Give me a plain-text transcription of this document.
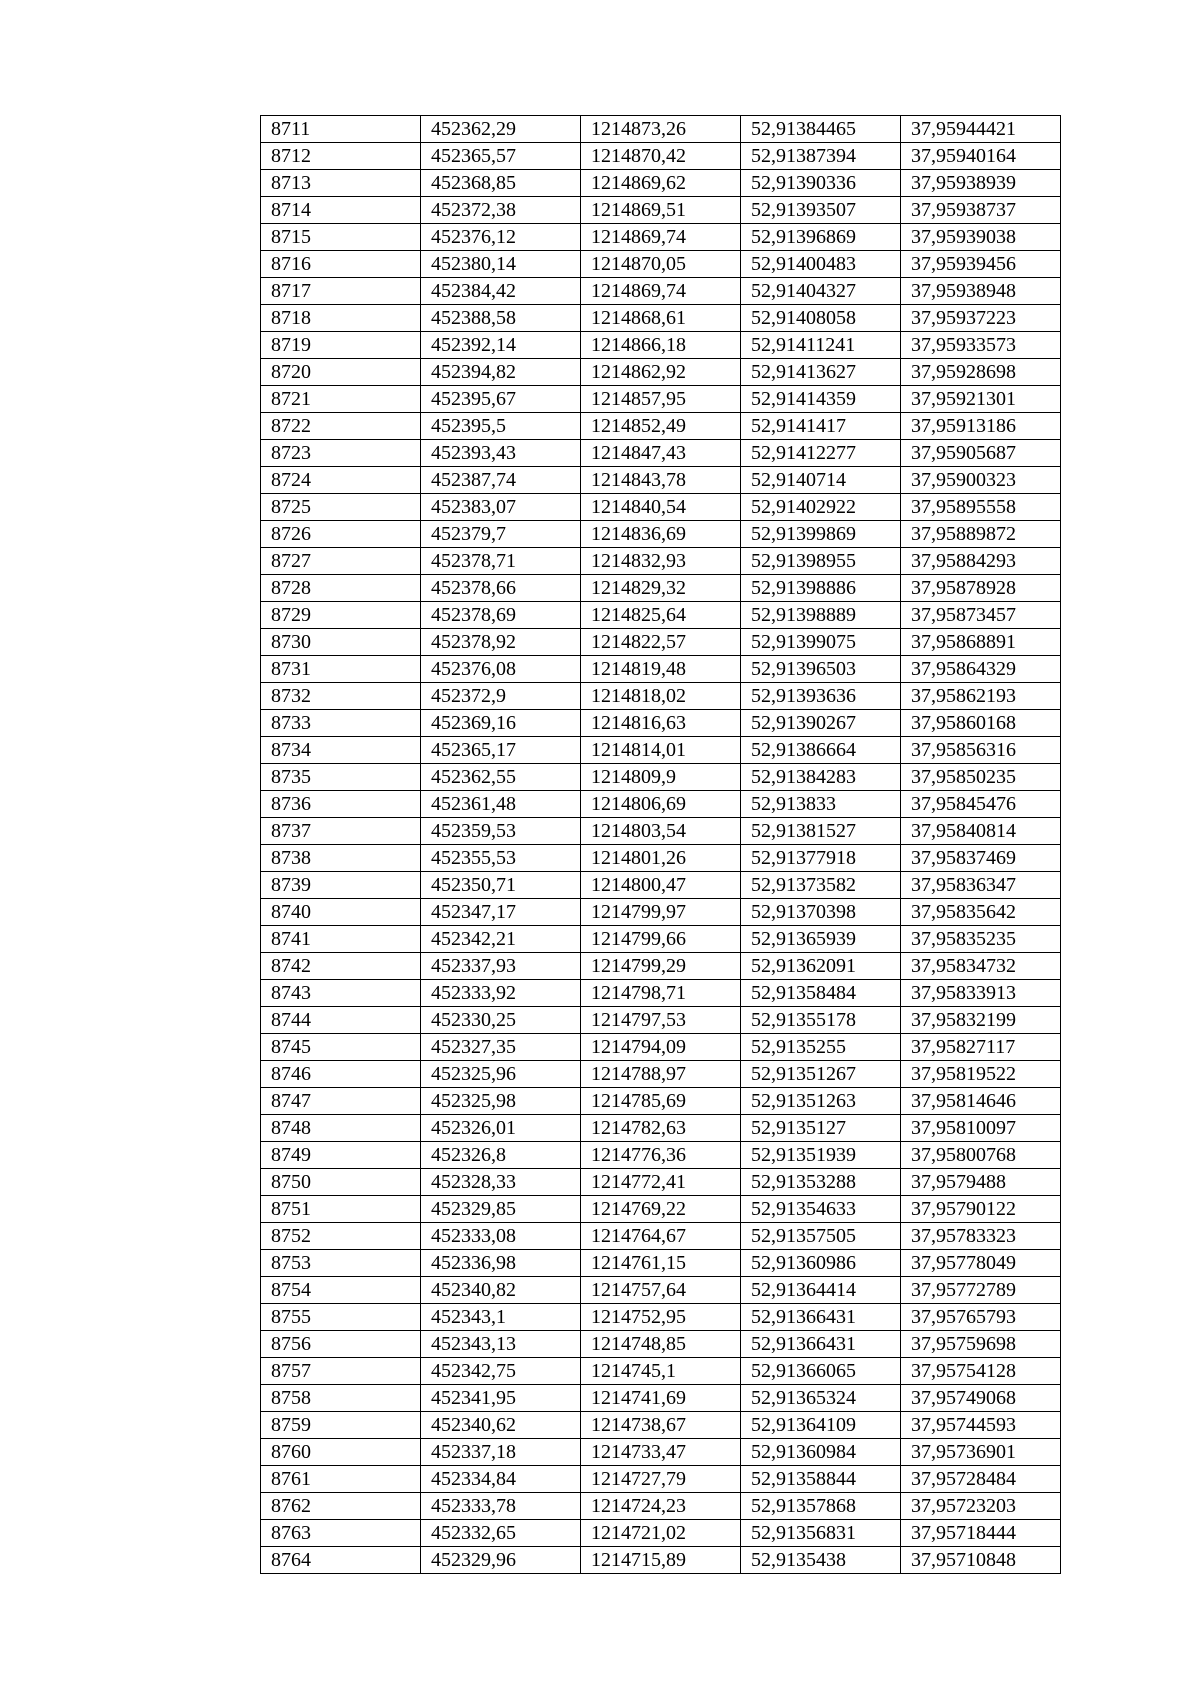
8711	452362,29	1214873,26	52,91384465	37,95944421
8712	452365,57	1214870,42	52,91387394	37,95940164
8713	452368,85	1214869,62	52,91390336	37,95938939
8714	452372,38	1214869,51	52,91393507	37,95938737
8715	452376,12	1214869,74	52,91396869	37,95939038
8716	452380,14	1214870,05	52,91400483	37,95939456
8717	452384,42	1214869,74	52,91404327	37,95938948
8718	452388,58	1214868,61	52,91408058	37,95937223
8719	452392,14	1214866,18	52,91411241	37,95933573
8720	452394,82	1214862,92	52,91413627	37,95928698
8721	452395,67	1214857,95	52,91414359	37,95921301
8722	452395,5	1214852,49	52,9141417	37,95913186
8723	452393,43	1214847,43	52,91412277	37,95905687
8724	452387,74	1214843,78	52,9140714	37,95900323
8725	452383,07	1214840,54	52,91402922	37,95895558
8726	452379,7	1214836,69	52,91399869	37,95889872
8727	452378,71	1214832,93	52,91398955	37,95884293
8728	452378,66	1214829,32	52,91398886	37,95878928
8729	452378,69	1214825,64	52,91398889	37,95873457
8730	452378,92	1214822,57	52,91399075	37,95868891
8731	452376,08	1214819,48	52,91396503	37,95864329
8732	452372,9	1214818,02	52,91393636	37,95862193
8733	452369,16	1214816,63	52,91390267	37,95860168
8734	452365,17	1214814,01	52,91386664	37,95856316
8735	452362,55	1214809,9	52,91384283	37,95850235
8736	452361,48	1214806,69	52,913833	37,95845476
8737	452359,53	1214803,54	52,91381527	37,95840814
8738	452355,53	1214801,26	52,91377918	37,95837469
8739	452350,71	1214800,47	52,91373582	37,95836347
8740	452347,17	1214799,97	52,91370398	37,95835642
8741	452342,21	1214799,66	52,91365939	37,95835235
8742	452337,93	1214799,29	52,91362091	37,95834732
8743	452333,92	1214798,71	52,91358484	37,95833913
8744	452330,25	1214797,53	52,91355178	37,95832199
8745	452327,35	1214794,09	52,9135255	37,95827117
8746	452325,96	1214788,97	52,91351267	37,95819522
8747	452325,98	1214785,69	52,91351263	37,95814646
8748	452326,01	1214782,63	52,9135127	37,95810097
8749	452326,8	1214776,36	52,91351939	37,95800768
8750	452328,33	1214772,41	52,91353288	37,9579488
8751	452329,85	1214769,22	52,91354633	37,95790122
8752	452333,08	1214764,67	52,91357505	37,95783323
8753	452336,98	1214761,15	52,91360986	37,95778049
8754	452340,82	1214757,64	52,91364414	37,95772789
8755	452343,1	1214752,95	52,91366431	37,95765793
8756	452343,13	1214748,85	52,91366431	37,95759698
8757	452342,75	1214745,1	52,91366065	37,95754128
8758	452341,95	1214741,69	52,91365324	37,95749068
8759	452340,62	1214738,67	52,91364109	37,95744593
8760	452337,18	1214733,47	52,91360984	37,95736901
8761	452334,84	1214727,79	52,91358844	37,95728484
8762	452333,78	1214724,23	52,91357868	37,95723203
8763	452332,65	1214721,02	52,91356831	37,95718444
8764	452329,96	1214715,89	52,9135438	37,95710848
